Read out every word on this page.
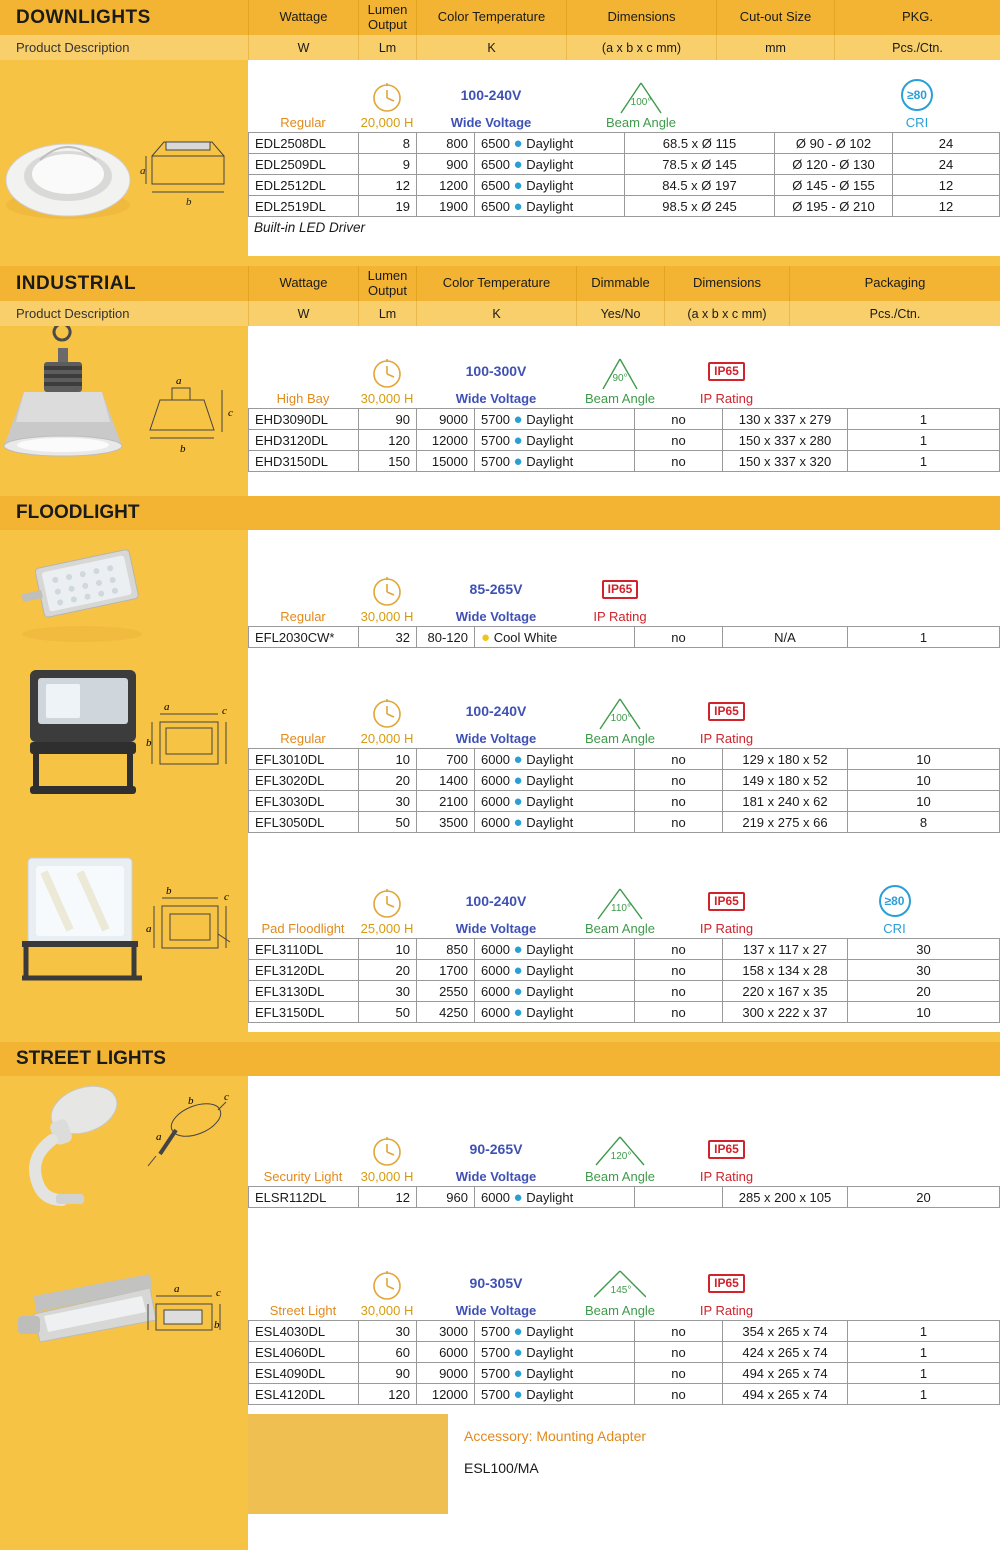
DOWNLIGHTS	Wattage	Lumen Output	Color Temperature	Dimensions	Cut-out Size	PKG.
Product Description	W	Lm	K	(a x b x c mm)	mm	Pcs./Ctn.
a
b
Regular	20,000 H
100-240V
Wide Voltage
100°
Beam Angle
≥80
CRI
EDL2508DL	8	800	6500 ● Daylight	68.5 x Ø 115	Ø 90 - Ø 102	24
EDL2509DL	9	900	6500 ● Daylight	78.5 x Ø 145	Ø 120 - Ø 130	24
EDL2512DL	12	1200	6500 ● Daylight	84.5 x Ø 197	Ø 145 - Ø 155	12
EDL2519DL	19	1900	6500 ● Daylight	98.5 x Ø 245	Ø 195 - Ø 210	12
Built-in LED Driver
INDUSTRIAL	Wattage	Lumen Output	Color Temperature	Dimmable	Dimensions	Packaging
Product Description	W	Lm	K	Yes/No	(a x b x c mm)	Pcs./Ctn.
a
c
b
High Bay 30,000 H
100-300V
Wide Voltage
90°
Beam Angle
IP65
IP Rating
EHD3090DL	90	9000	5700 ● Daylight	no	130 x 337 x 279	1
EHD3120DL	120	12000	5700 ● Daylight	no	150 x 337 x 280	1
EHD3150DL	150	15000	5700 ● Daylight	no	150 x 337 x 320	1
FLOODLIGHT
Regular	30,000 H
85-265V
Wide Voltage
IP65
IP Rating
EFL2030CW*	32	80-120	● Cool White	no	N/A	1
a	c
b	Regular	20,000 H
100-240V
Wide Voltage
100°
Beam Angle
IP65
IP Rating
EFL3010DL	10	700	6000 ● Daylight	no	129 x 180 x 52	10
EFL3020DL	20	1400	6000 ● Daylight	no	149 x 180 x 52	10
EFL3030DL	30	2100	6000 ● Daylight	no	181 x 240 x 62	10
EFL3050DL	50	3500	6000 ● Daylight	no	219 x 275 x 66	8
b	c
a	Pad Floodlight 25,000 H
100-240V
Wide Voltage
110°
Beam Angle
IP65
IP Rating
≥80
CRI
EFL3110DL	10	850	6000 ● Daylight	no	137 x 117 x 27	30
EFL3120DL	20	1700	6000 ● Daylight	no	158 x 134 x 28	30
EFL3130DL	30	2550	6000 ● Daylight	no	220 x 167 x 35	20
EFL3150DL	50	4250	6000 ● Daylight	no	300 x 222 x 37	10
STREET LIGHTS
b	c
a
Security Light 30,000 H
90-265V
Wide Voltage
120°
Beam Angle
IP65
IP Rating
ELSR112DL	12	960	6000 ● Daylight		285 x 200 x 105	20
a	c
b
Street Light 30,000 H
90-305V
Wide Voltage
145°
Beam Angle
IP65
IP Rating
ESL4030DL	30	3000	5700 ● Daylight	no	354 x 265 x 74	1
ESL4060DL	60	6000	5700 ● Daylight	no	424 x 265 x 74	1
ESL4090DL	90	9000	5700 ● Daylight	no	494 x 265 x 74	1
ESL4120DL	120	12000	5700 ● Daylight	no	494 x 265 x 74	1
Accessory: Mounting Adapter
ESL100/MA
